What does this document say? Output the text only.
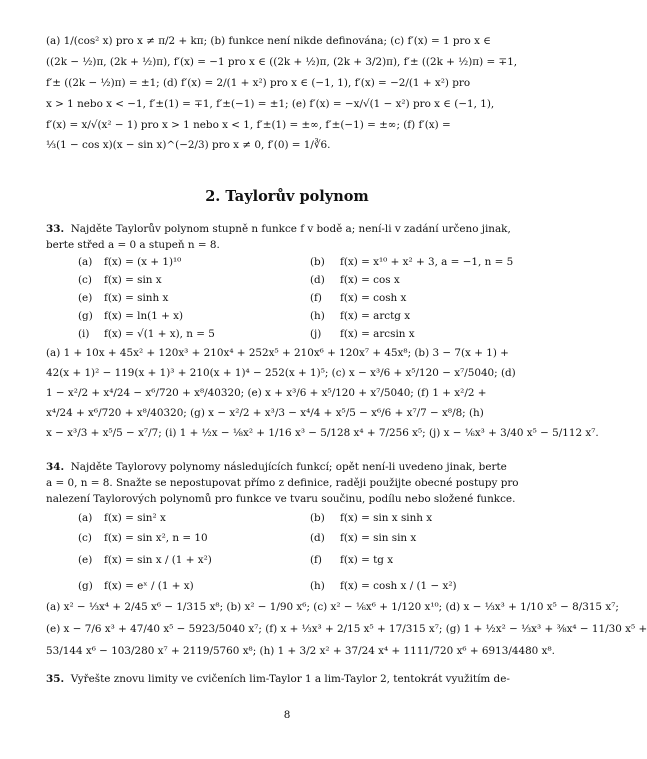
(a) 1/(cos² x) pro x ≠ π/2 + kπ; (b) funkce není nikde definována; (c) f′(x) = 1 pro x ∈
((2k − ½)π, (2k + ½)π), f′(x) = −1 pro x ∈ ((2k + ½)π, (2k + 3/2)π), f′± ((2k + ½)π) = ∓1,
f′± ((2k − ½)π) = ±1; (d) f′(x) = 2/(1 + x²) pro x ∈ (−1, 1), f′(x) = −2/(1 + x²) pro
x > 1 nebo x < −1, f′±(1) = ∓1, f′±(−1) = ±1; (e) f′(x) = −x/√(1 − x²) pro x ∈ (−1, 1),
f′(x) = x/√(x² − 1) pro x > 1 nebo x < 1, f′±(1) = ±∞, f′±(−1) = ±∞; (f) f′(x) =
⅓(1 − cos x)(x − sin x)^(−2/3) pro x ≠ 0, f′(0) = 1/∛6.
2. Taylorův polynom
33. Najděte Taylorův polynom stupně n funkce f v bodě a; není-li v zadání určeno jinak,
berte střed a = 0 a stupeň n = 8.
(a) f(x) = (x + 1)¹⁰	(b) f(x) = x¹⁰ + x² + 3, a = −1, n = 5
(c) f(x) = sin x	(d) f(x) = cos x
(e) f(x) = sinh x	(f) f(x) = cosh x
(g) f(x) = ln(1 + x)	(h) f(x) = arctg x
(i) f(x) = √(1 + x), n = 5	(j) f(x) = arcsin x
(a) 1 + 10x + 45x² + 120x³ + 210x⁴ + 252x⁵ + 210x⁶ + 120x⁷ + 45x⁸; (b) 3 − 7(x + 1) +
42(x + 1)² − 119(x + 1)³ + 210(x + 1)⁴ − 252(x + 1)⁵; (c) x − x³/6 + x⁵/120 − x⁷/5040; (d)
1 − x²/2 + x⁴/24 − x⁶/720 + x⁸/40320; (e) x + x³/6 + x⁵/120 + x⁷/5040; (f) 1 + x²/2 +
x⁴/24 + x⁶/720 + x⁸/40320; (g) x − x²/2 + x³/3 − x⁴/4 + x⁵/5 − x⁶/6 + x⁷/7 − x⁸/8; (h)
x − x³/3 + x⁵/5 − x⁷/7; (i) 1 + ½x − ⅛x² + 1/16 x³ − 5/128 x⁴ + 7/256 x⁵; (j) x − ⅙x³ + 3/40 x⁵ − 5/112 x⁷.
34. Najděte Taylorovy polynomy následujících funkcí; opět není-li uvedeno jinak, berte
a = 0, n = 8. Snažte se nepostupovat přímo z definice, raději použijte obecné postupy pro
nalezení Taylorových polynomů pro funkce ve tvaru součinu, podílu nebo složené funkce.
(a) f(x) = sin² x	(b) f(x) = sin x sinh x
(c) f(x) = sin x², n = 10	(d) f(x) = sin sin x
(e) f(x) = sin x / (1 + x²)	(f) f(x) = tg x
(g) f(x) = eˣ / (1 + x)	(h) f(x) = cosh x / (1 − x²)
(a) x² − ⅓x⁴ + 2/45 x⁶ − 1/315 x⁸; (b) x² − 1/90 x⁶; (c) x² − ⅙x⁶ + 1/120 x¹⁰; (d) x − ⅓x³ + 1/10 x⁵ − 8/315 x⁷;
(e) x − 7/6 x³ + 47/40 x⁵ − 5923/5040 x⁷; (f) x + ⅓x³ + 2/15 x⁵ + 17/315 x⁷; (g) 1 + ½x² − ⅓x³ + ⅜x⁴ − 11/30 x⁵ +
53/144 x⁶ − 103/280 x⁷ + 2119/5760 x⁸; (h) 1 + 3/2 x² + 37/24 x⁴ + 1111/720 x⁶ + 6913/4480 x⁸.
35. Vyřešte znovu limity ve cvičeních lim-Taylor 1 a lim-Taylor 2, tentokrát využitím de-
8
